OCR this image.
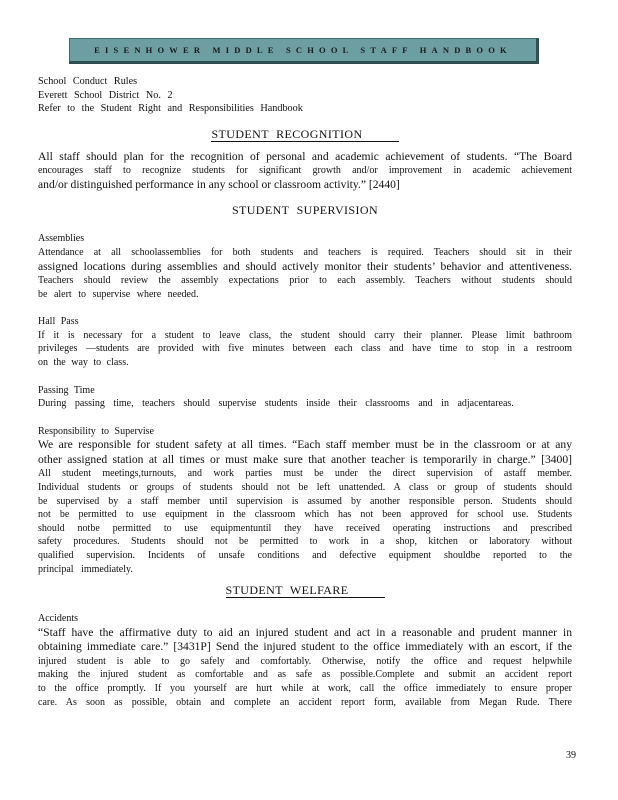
EISENHOWER MIDDLE SCHOOL STAFF HANDBOOK
School Conduct Rules
Everett School District No. 2
Refer to the Student Right and Responsibilities Handbook
STUDENT RECOGNITION
All staff should plan for the recognition of personal and academic achievement of students. “The Board
encourages staff to recognize students for significant growth and/or improvement in academic achievement
and/or distinguished performance in any school or classroom activity.” [2440]
STUDENT SUPERVISION
Assemblies
Attendance at all schoolassemblies for both students and teachers is required. Teachers should sit in their
assigned locations during assemblies and should actively monitor their students’ behavior and attentiveness.
Teachers should review the assembly expectations prior to each assembly. Teachers without students should
be alert to supervise where needed.
Hall Pass
If it is necessary for a student to leave class, the student should carry their planner. Please limit bathroom
privileges —students are provided with five minutes between each class and have time to stop in a restroom
on the way to class.
Passing Time
During passing time, teachers should supervise students inside their classrooms and in adjacentareas.
Responsibility to Supervise
We are responsible for student safety at all times. “Each staff member must be in the classroom or at any
other assigned station at all times or must make sure that another teacher is temporarily in charge.” [3400]
All student meetings,turnouts, and work parties must be under the direct supervision of astaff member.
Individual students or groups of students should not be left unattended. A class or group of students should
be supervised by a staff member until supervision is assumed by another responsible person. Students should
not be permitted to use equipment in the classroom which has not been approved for school use. Students
should notbe permitted to use equipmentuntil they have received operating instructions and prescribed
safety procedures. Students should not be permitted to work in a shop, kitchen or laboratory without
qualified supervision. Incidents of unsafe conditions and defective equipment shouldbe reported to the
principal immediately.
STUDENT WELFARE
Accidents
“Staff have the affirmative duty to aid an injured student and act in a reasonable and prudent manner in
obtaining immediate care.” [3431P] Send the injured student to the office immediately with an escort, if the
injured student is able to go safely and comfortably. Otherwise, notify the office and request helpwhile
making the injured student as comfortable and as safe as possible.Complete and submit an accident report
to the office promptly. If you yourself are hurt while at work, call the office immediately to ensure proper
care. As soon as possible, obtain and complete an accident report form, available from Megan Rude. There
39
